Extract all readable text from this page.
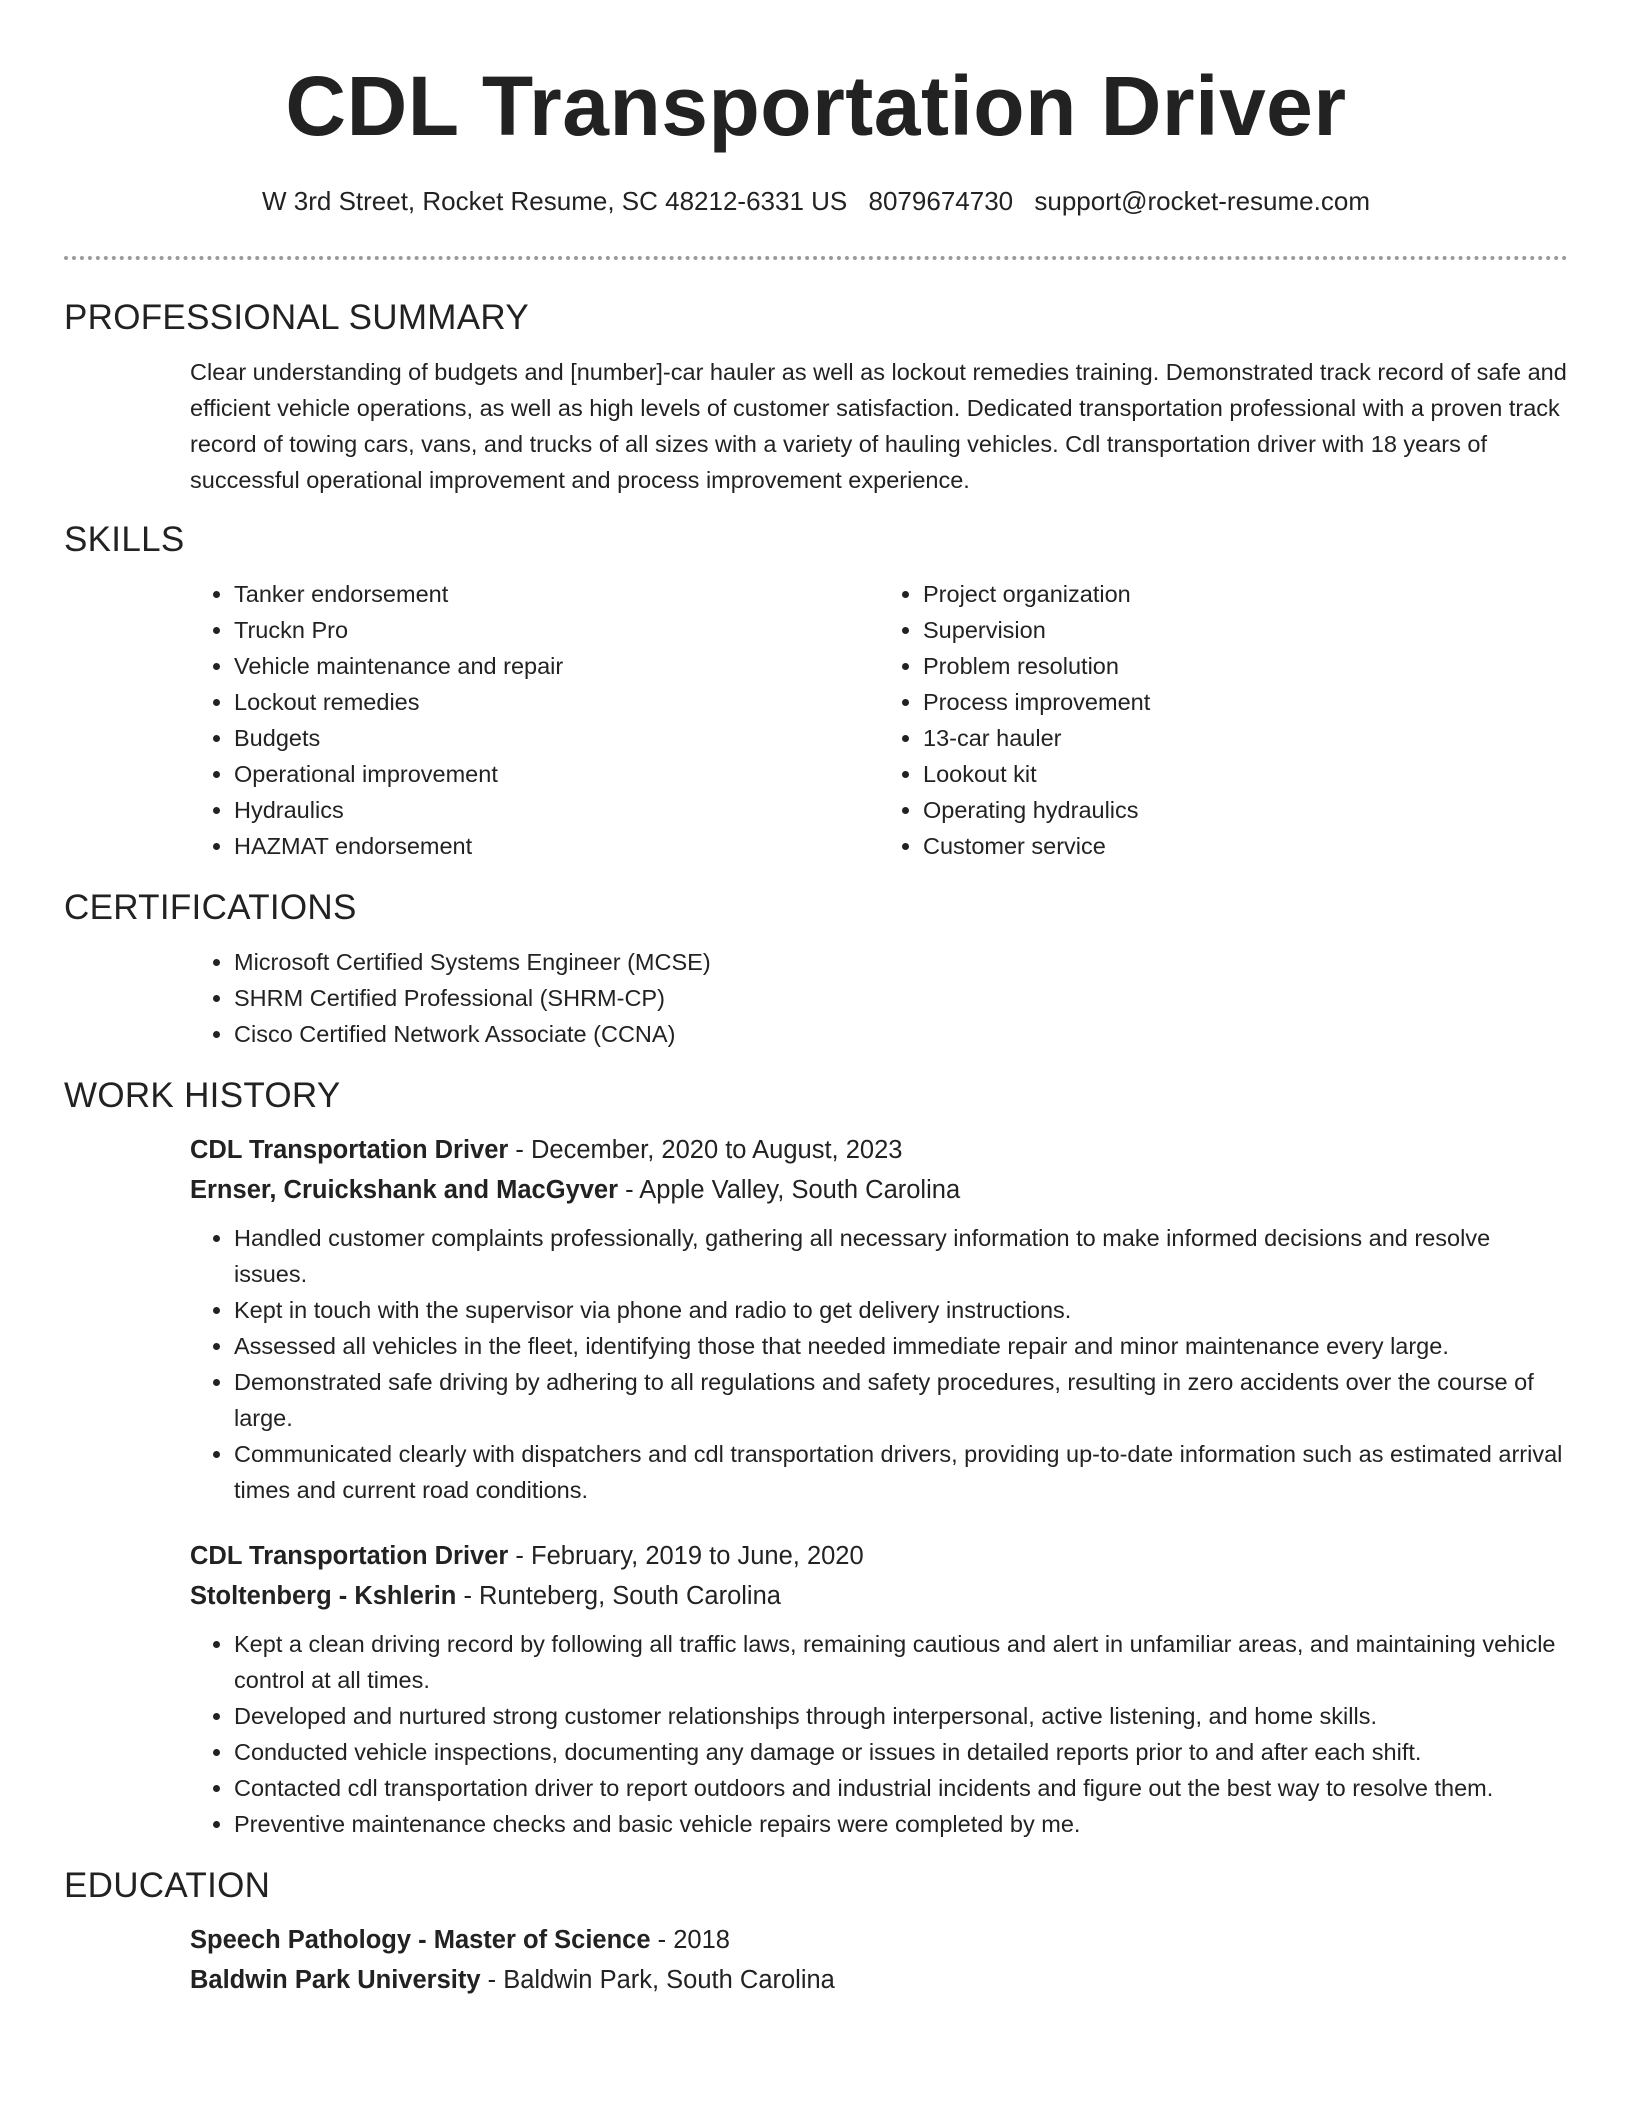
CDL Transportation Driver
W 3rd Street, Rocket Resume, SC 48212-6331 US 8079674730 support@rocket-resume.com
PROFESSIONAL SUMMARY

Clear understanding of budgets and [number]-car hauler as well as lockout remedies training. Demonstrated track record of safe and efficient vehicle operations, as well as high levels of customer satisfaction. Dedicated transportation professional with a proven track record of towing cars, vans, and trucks of all sizes with a variety of hauling vehicles. Cdl transportation driver with 18 years of successful operational improvement and process improvement experience.

SKILLS
• Tanker endorsement
• Truckn Pro
• Vehicle maintenance and repair
• Lockout remedies
• Budgets
• Operational improvement
• Hydraulics
• HAZMAT endorsement
• Project organization
• Supervision
• Problem resolution
• Process improvement
• 13-car hauler
• Lookout kit
• Operating hydraulics
• Customer service
CERTIFICATIONS
• Microsoft Certified Systems Engineer (MCSE)
• SHRM Certified Professional (SHRM-CP)
• Cisco Certified Network Associate (CCNA)
WORK HISTORY
CDL Transportation Driver - December, 2020 to August, 2023
Ernser, Cruickshank and MacGyver - Apple Valley, South Carolina
• Handled customer complaints professionally, gathering all necessary information to make informed decisions and resolve issues.
• Kept in touch with the supervisor via phone and radio to get delivery instructions.
• Assessed all vehicles in the fleet, identifying those that needed immediate repair and minor maintenance every large.
• Demonstrated safe driving by adhering to all regulations and safety procedures, resulting in zero accidents over the course of large.
• Communicated clearly with dispatchers and cdl transportation drivers, providing up-to-date information such as estimated arrival times and current road conditions.
CDL Transportation Driver - February, 2019 to June, 2020
Stoltenberg - Kshlerin - Runteberg, South Carolina
• Kept a clean driving record by following all traffic laws, remaining cautious and alert in unfamiliar areas, and maintaining vehicle control at all times.
• Developed and nurtured strong customer relationships through interpersonal, active listening, and home skills.
• Conducted vehicle inspections, documenting any damage or issues in detailed reports prior to and after each shift.
• Contacted cdl transportation driver to report outdoors and industrial incidents and figure out the best way to resolve them.
• Preventive maintenance checks and basic vehicle repairs were completed by me.
EDUCATION
Speech Pathology - Master of Science - 2018
Baldwin Park University - Baldwin Park, South Carolina
